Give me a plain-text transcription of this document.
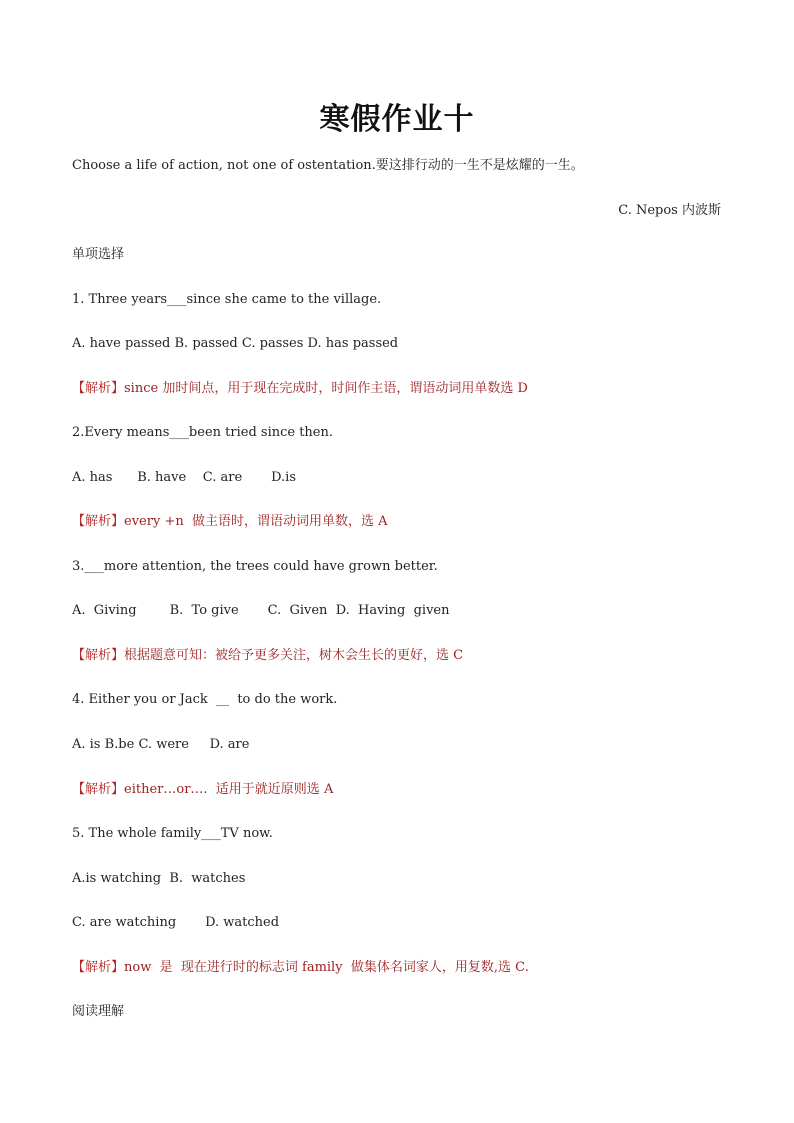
寒假作业十
Choose a life of action, not one of ostentation.要这排行动的一生不是炫耀的一生。
C. Nepos 内波斯
单项选择
1. Three years___since she came to the village.
A. have passed B. passed C. passes D. has passed
【解析】since 加时间点，用于现在完成时，时间作主语，谓语动词用单数选 D
2.Every means___been tried since then.
A. has      B. have    C. are       D.is
【解析】every +n  做主语时，谓语动词用单数，选 A
3.___more attention, the trees could have grown better.
A.  Giving        B.  To give       C.  Given  D.  Having  given
【解析】根据题意可知：被给予更多关注，树木会生长的更好，选 C
4. Either you or Jack  __  to do the work.
A. is B.be C. were     D. are
【解析】either…or….  适用于就近原则选 A
5. The whole family___TV now.
A.is watching  B.  watches
C. are watching       D. watched
【解析】now  是  现在进行时的标志词 family  做集体名词家人，用复数,选 C.
阅读理解
